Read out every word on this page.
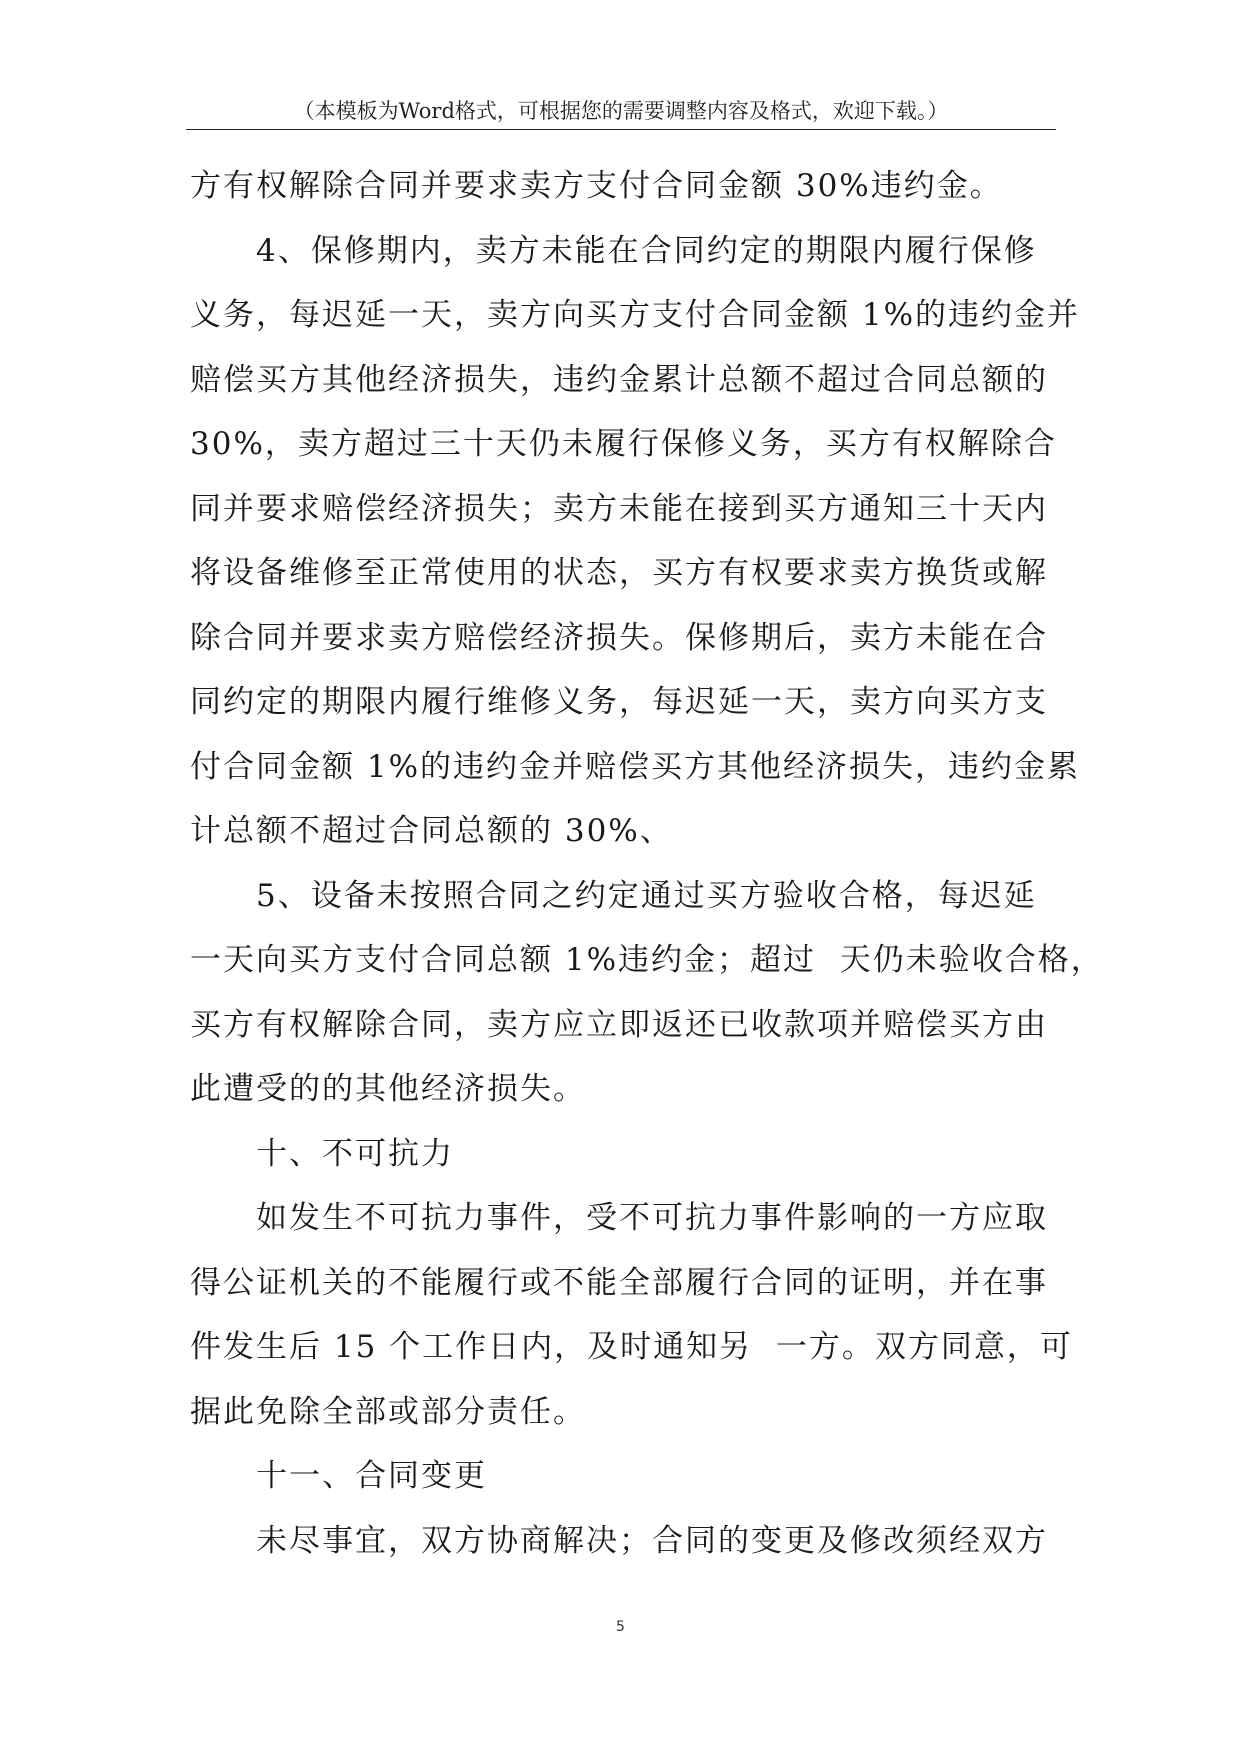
（本模板为Word格式，可根据您的需要调整内容及格式，欢迎下载。）
方有权解除合同并要求卖方支付合同金额 30%违约金。
　　4、保修期内，卖方未能在合同约定的期限内履行保修
义务，每迟延一天，卖方向买方支付合同金额 1%的违约金并
赔偿买方其他经济损失，违约金累计总额不超过合同总额的
30%，卖方超过三十天仍未履行保修义务，买方有权解除合
同并要求赔偿经济损失；卖方未能在接到买方通知三十天内
将设备维修至正常使用的状态，买方有权要求卖方换货或解
除合同并要求卖方赔偿经济损失。保修期后，卖方未能在合
同约定的期限内履行维修义务，每迟延一天，卖方向买方支
付合同金额 1%的违约金并赔偿买方其他经济损失，违约金累
计总额不超过合同总额的 30%、
　　5、设备未按照合同之约定通过买方验收合格，每迟延
一天向买方支付合同总额 1%违约金；超过  天仍未验收合格，
买方有权解除合同，卖方应立即返还已收款项并赔偿买方由
此遭受的的其他经济损失。
　　十、不可抗力
　　如发生不可抗力事件，受不可抗力事件影响的一方应取
得公证机关的不能履行或不能全部履行合同的证明，并在事
件发生后 15 个工作日内，及时通知另  一方。双方同意，可
据此免除全部或部分责任。
　　十一、合同变更
　　未尽事宜，双方协商解决；合同的变更及修改须经双方
5
